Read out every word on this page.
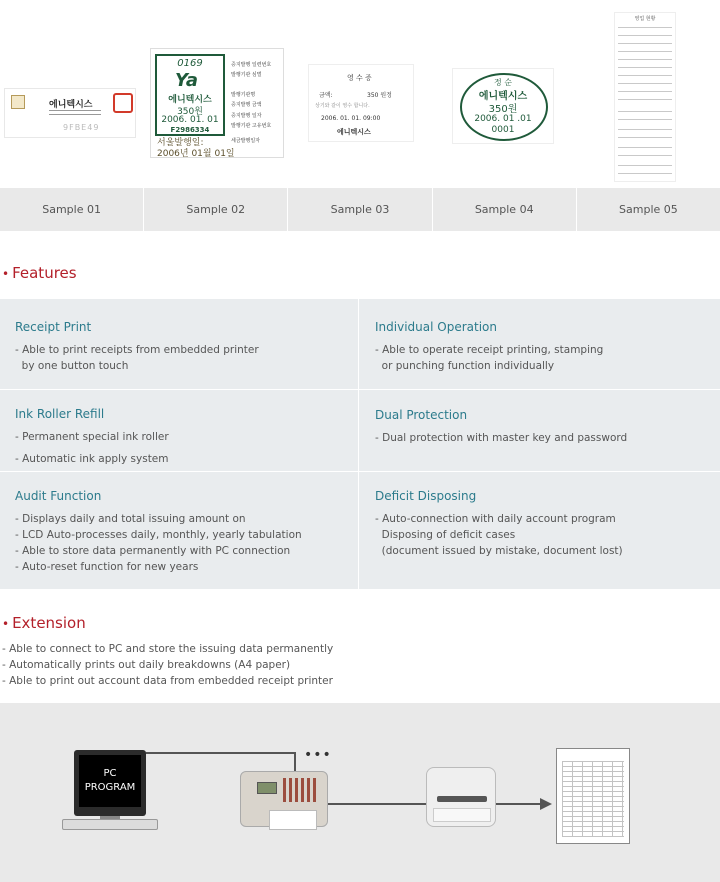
에니텍시스
9FBE49
0169
Ya
에니텍시스
350원
2006. 01. 01
F2986334
증지발행 일련번호
발행기관 심벌
발행기관명
증지발행 금액
증지발행 일자
발행기관 고유번호
세금발행일자
서울발행일:
2006년 01월 01일
영 수 증
금액:	350 원정
상기와 같이 영수 합니다.
2006. 01. 01. 09:00
에니텍시스
정 순
에니텍시스
350원
2006. 01 .01
0001
영업 현황
Sample 01	Sample 02	Sample 03	Sample 04	Sample 05
• Features
Receipt Print
- Able to print receipts from embedded printer
by one button touch
Individual Operation
- Able to operate receipt printing, stamping
or punching function individually
Ink Roller Refill
- Permanent special ink roller
- Automatic ink apply system
Dual Protection
- Dual protection with master key and password
Audit Function
- Displays daily and total issuing amount on
- LCD Auto-processes daily, monthly, yearly tabulation
- Able to store data permanently with PC connection
- Auto-reset function for new years
Deficit Disposing
- Auto-connection with daily account program
Disposing of deficit cases
(document issued by mistake, document lost)
• Extension
- Able to connect to PC and store the issuing data permanently
- Automatically prints out daily breakdowns (A4 paper)
- Able to print out account data from embedded receipt printer
•••
PC
PROGRAM
